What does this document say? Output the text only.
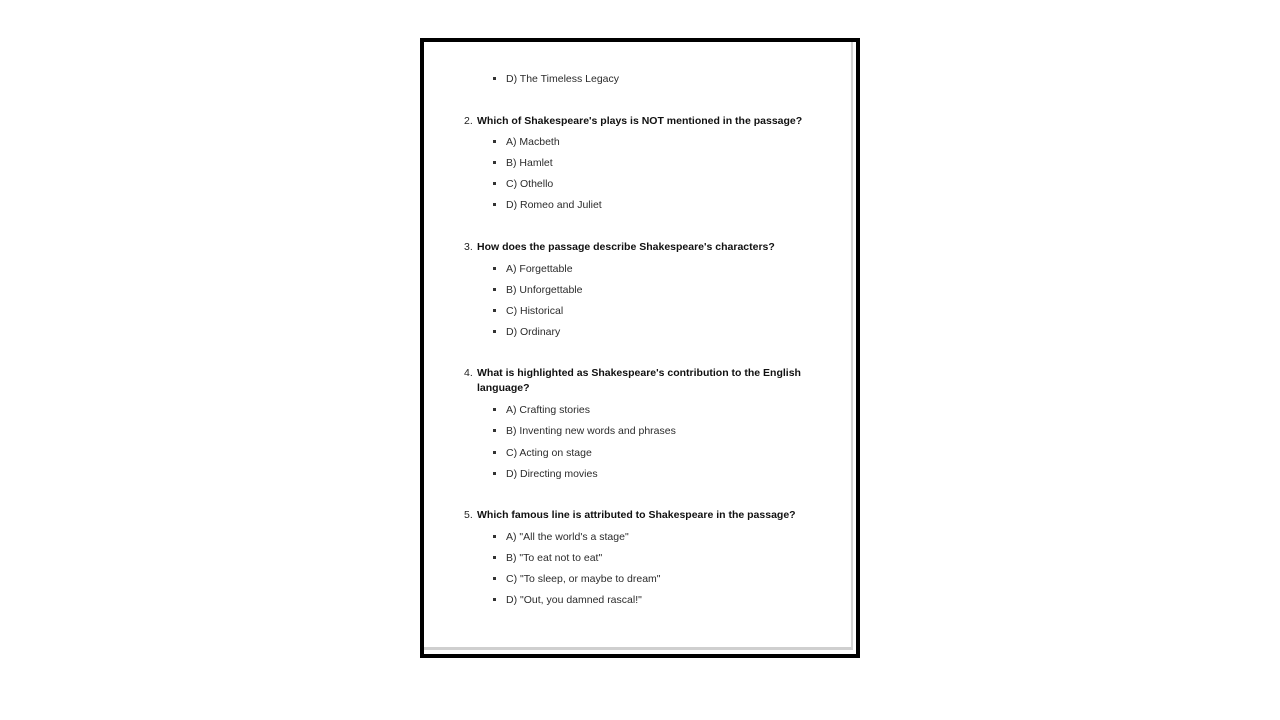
D) The Timeless Legacy
2. Which of Shakespeare's plays is NOT mentioned in the passage?
A) Macbeth
B) Hamlet
C) Othello
D) Romeo and Juliet
3. How does the passage describe Shakespeare's characters?
A) Forgettable
B) Unforgettable
C) Historical
D) Ordinary
4. What is highlighted as Shakespeare's contribution to the English language?
A) Crafting stories
B) Inventing new words and phrases
C) Acting on stage
D) Directing movies
5. Which famous line is attributed to Shakespeare in the passage?
A) "All the world's a stage"
B) "To eat not to eat"
C) "To sleep, or maybe to dream"
D) "Out, you damned rascal!"
